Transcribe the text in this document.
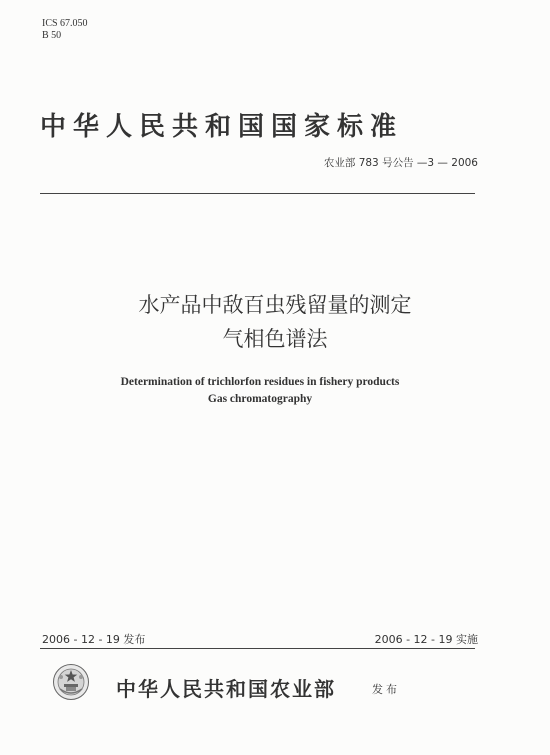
ICS 67.050
B 50
中华人民共和国国家标准
农业部 783 号公告 —3 — 2006
水产品中敌百虫残留量的测定
气相色谱法
Determination of trichlorfon residues in fishery products
Gas chromatography
2006 - 12 - 19 发布	2006 - 12 - 19 实施
中华人民共和国农业部	发布
